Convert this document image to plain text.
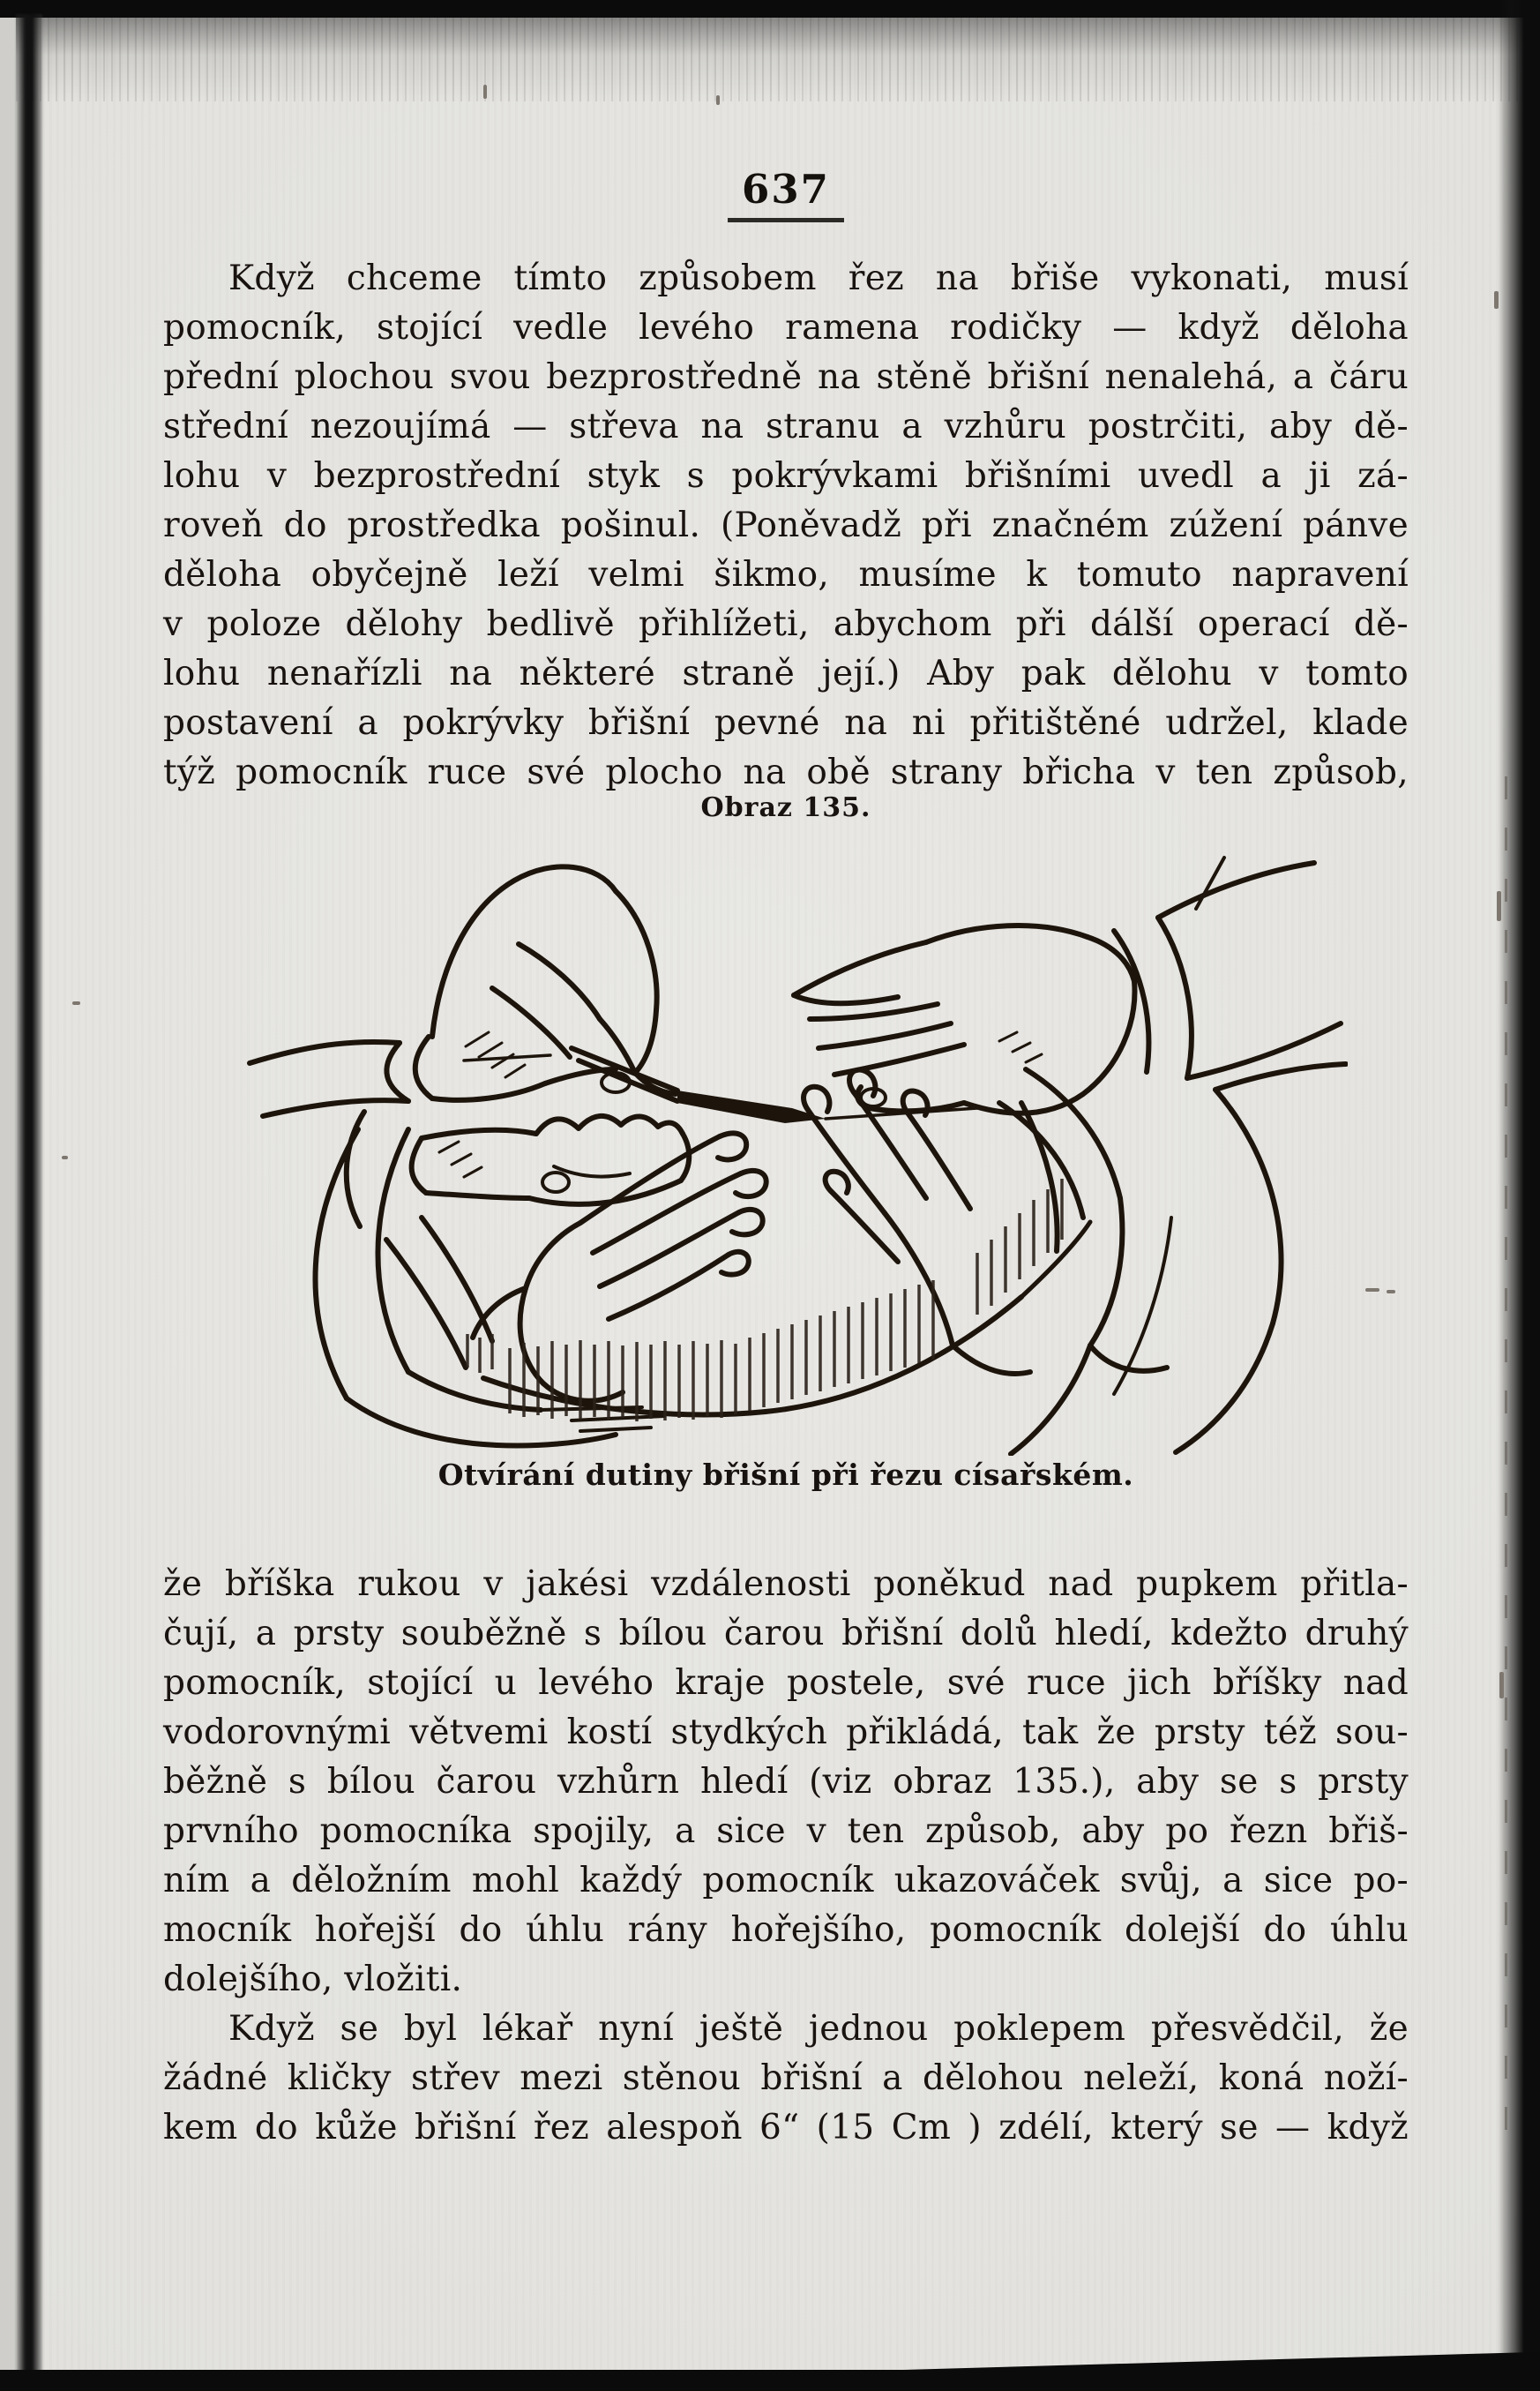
637
Když chceme tímto způsobem řez na břiše vykonati, musí
pomocník, stojící vedle levého ramena rodičky — když děloha
přední plochou svou bezprostředně na stěně břišní nenalehá, a čáru
střední nezoujímá — střeva na stranu a vzhůru postrčiti, aby dě-
lohu v bezprostřední styk s pokrývkami břišními uvedl a ji zá-
roveň do prostředka pošinul. (Poněvadž při značném zúžení pánve
děloha obyčejně leží velmi šikmo, musíme k tomuto napravení
v poloze dělohy bedlivě přihlížeti, abychom při dálší operací dě-
lohu nenařízli na některé straně její.) Aby pak dělohu v tomto
postavení a pokrývky břišní pevné na ni přitištěné udržel, klade
týž pomocník ruce své plocho na obě strany břicha v ten způsob,
Obraz 135.
Otvírání dutiny břišní při řezu císařském.
že bříška rukou v jakési vzdálenosti poněkud nad pupkem přitla-
čují, a prsty souběžně s bílou čarou břišní dolů hledí, kdežto druhý
pomocník, stojící u levého kraje postele, své ruce jich bříšky nad
vodorovnými větvemi kostí stydkých přikládá, tak že prsty též sou-
běžně s bílou čarou vzhůrn hledí (viz obraz 135.), aby se s prsty
prvního pomocníka spojily, a sice v ten způsob, aby po řezn břiš-
ním a děložním mohl každý pomocník ukazováček svůj, a sice po-
mocník hořejší do úhlu rány hořejšího, pomocník dolejší do úhlu
dolejšího, vložiti.
Když se byl lékař nyní ještě jednou poklepem přesvědčil, že
žádné kličky střev mezi stěnou břišní a dělohou neleží, koná noží-
kem do kůže břišní řez alespoň 6“ (15 Cm ) zdélí, který se — když
